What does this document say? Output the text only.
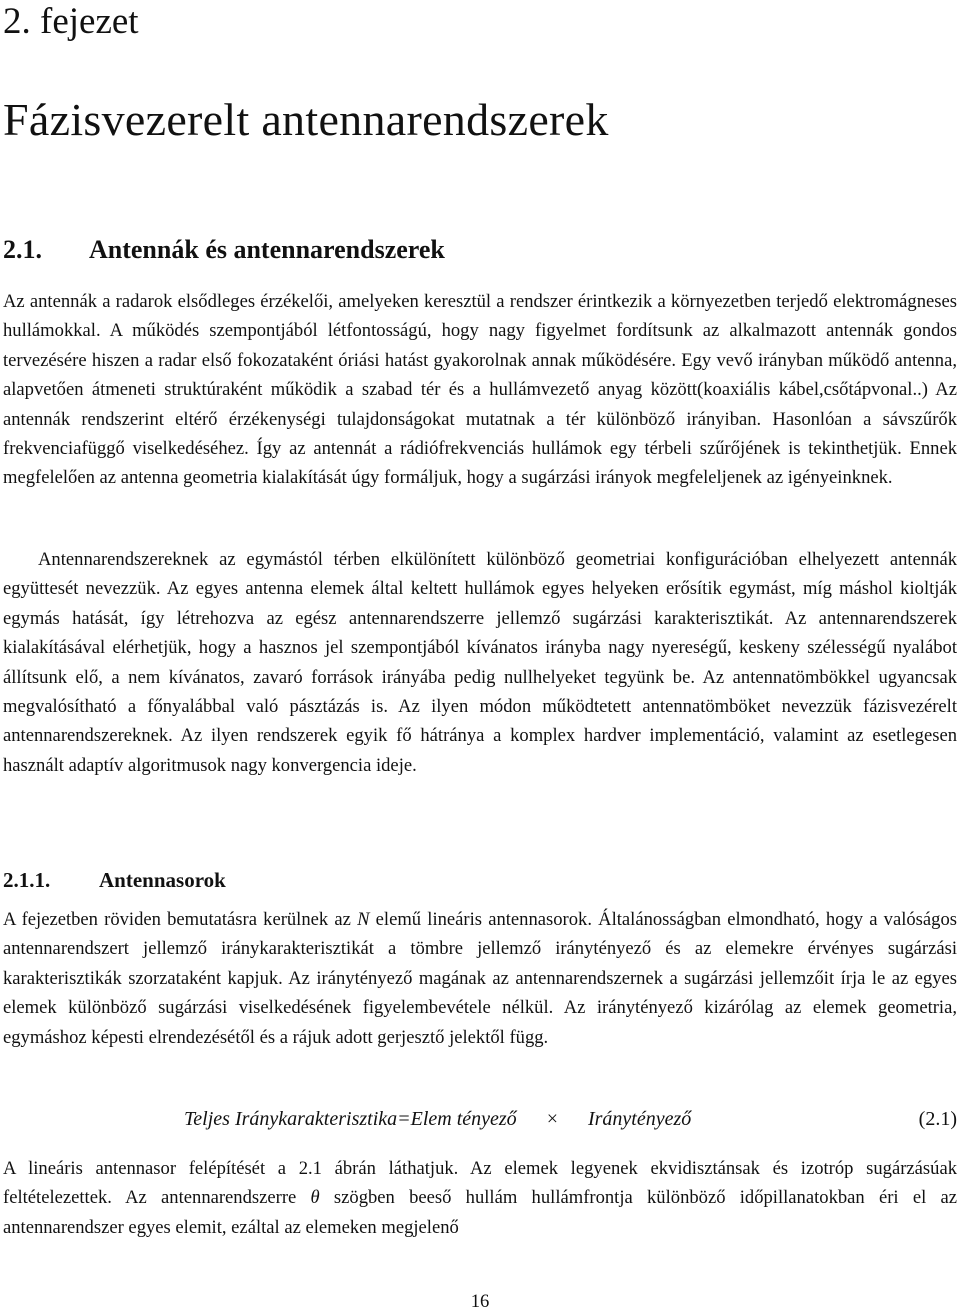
2. fejezet
Fázisvezerelt antennarendszerek
2.1. Antennák és antennarendszerek

Az antennák a radarok elsődleges érzékelői, amelyeken keresztül a rendszer érintkezik a környezetben terjedő elektromágneses hullámokkal. A működés szempontjából létfontosságú, hogy nagy figyelmet fordítsunk az alkalmazott antennák gondos tervezésére hiszen a radar első fokozataként óriási hatást gyakorolnak annak működésére. Egy vevő irányban működő antenna, alapvetően átmeneti struktúraként működik a szabad tér és a hullámvezető anyag között(koaxiális kábel,csőtápvonal..) Az antennák rendszerint eltérő érzékenységi tulajdonságokat mutatnak a tér különböző irányiban. Hasonlóan a sávszűrők frekvenciafüggő viselkedéséhez. Így az antennát a rádiófrekvenciás hullámok egy térbeli szűrőjének is tekinthetjük. Ennek megfelelően az antenna geometria kialakítását úgy formáljuk, hogy a sugárzási irányok megfeleljenek az igényeinknek.

Antennarendszereknek az egymástól térben elkülönített különböző geometriai konfigurációban elhelyezett antennák együttesét nevezzük. Az egyes antenna elemek által keltett hullámok egyes helyeken erősítik egymást, míg máshol kioltják egymás hatását, így létrehozva az egész antennarendszerre jellemző sugárzási karakterisztikát. Az antennarendszerek kialakításával elérhetjük, hogy a hasznos jel szempontjából kívánatos irányba nagy nyereségű, keskeny szélességű nyalábot állítsunk elő, a nem kívánatos, zavaró források irányába pedig nullhelyeket tegyünk be. Az antennatömbökkel ugyancsak megvalósítható a főnyalábbal való pásztázás is. Az ilyen módon működtetett antennatömböket nevezzük fázisvezérelt antennarendszereknek. Az ilyen rendszerek egyik fő hátránya a komplex hardver implementáció, valamint az esetlegesen használt adaptív algoritmusok nagy konvergencia ideje.

2.1.1. Antennasorok

A fejezetben röviden bemutatásra kerülnek az N elemű lineáris antennasorok. Általánosságban elmondható, hogy a valóságos antennarendszert jellemző iránykarakterisztikát a tömbre jellemző iránytényező és az elemekre érvényes sugárzási karakterisztikák szorzataként kapjuk. Az iránytényező magának az antennarendszernek a sugárzási jellemzőit írja le az egyes elemek különböző sugárzási viselkedésének figyelembevétele nélkül. Az iránytényező kizárólag az elemek geometria, egymáshoz képesti elrendezésétől és a rájuk adott gerjesztő jelektől függ.

Teljes Iránykarakterisztika=Elem tényező × Iránytényező	(2.1)

A lineáris antennasor felépítését a 2.1 ábrán láthatjuk. Az elemek legyenek ekvidisztánsak és izotróp sugárzásúak feltételezettek. Az antennarendszerre θ szögben beeső hullám hullámfrontja különböző időpillanatokban éri el az antennarendszer egyes elemit, ezáltal az elemeken megjelenő

16
